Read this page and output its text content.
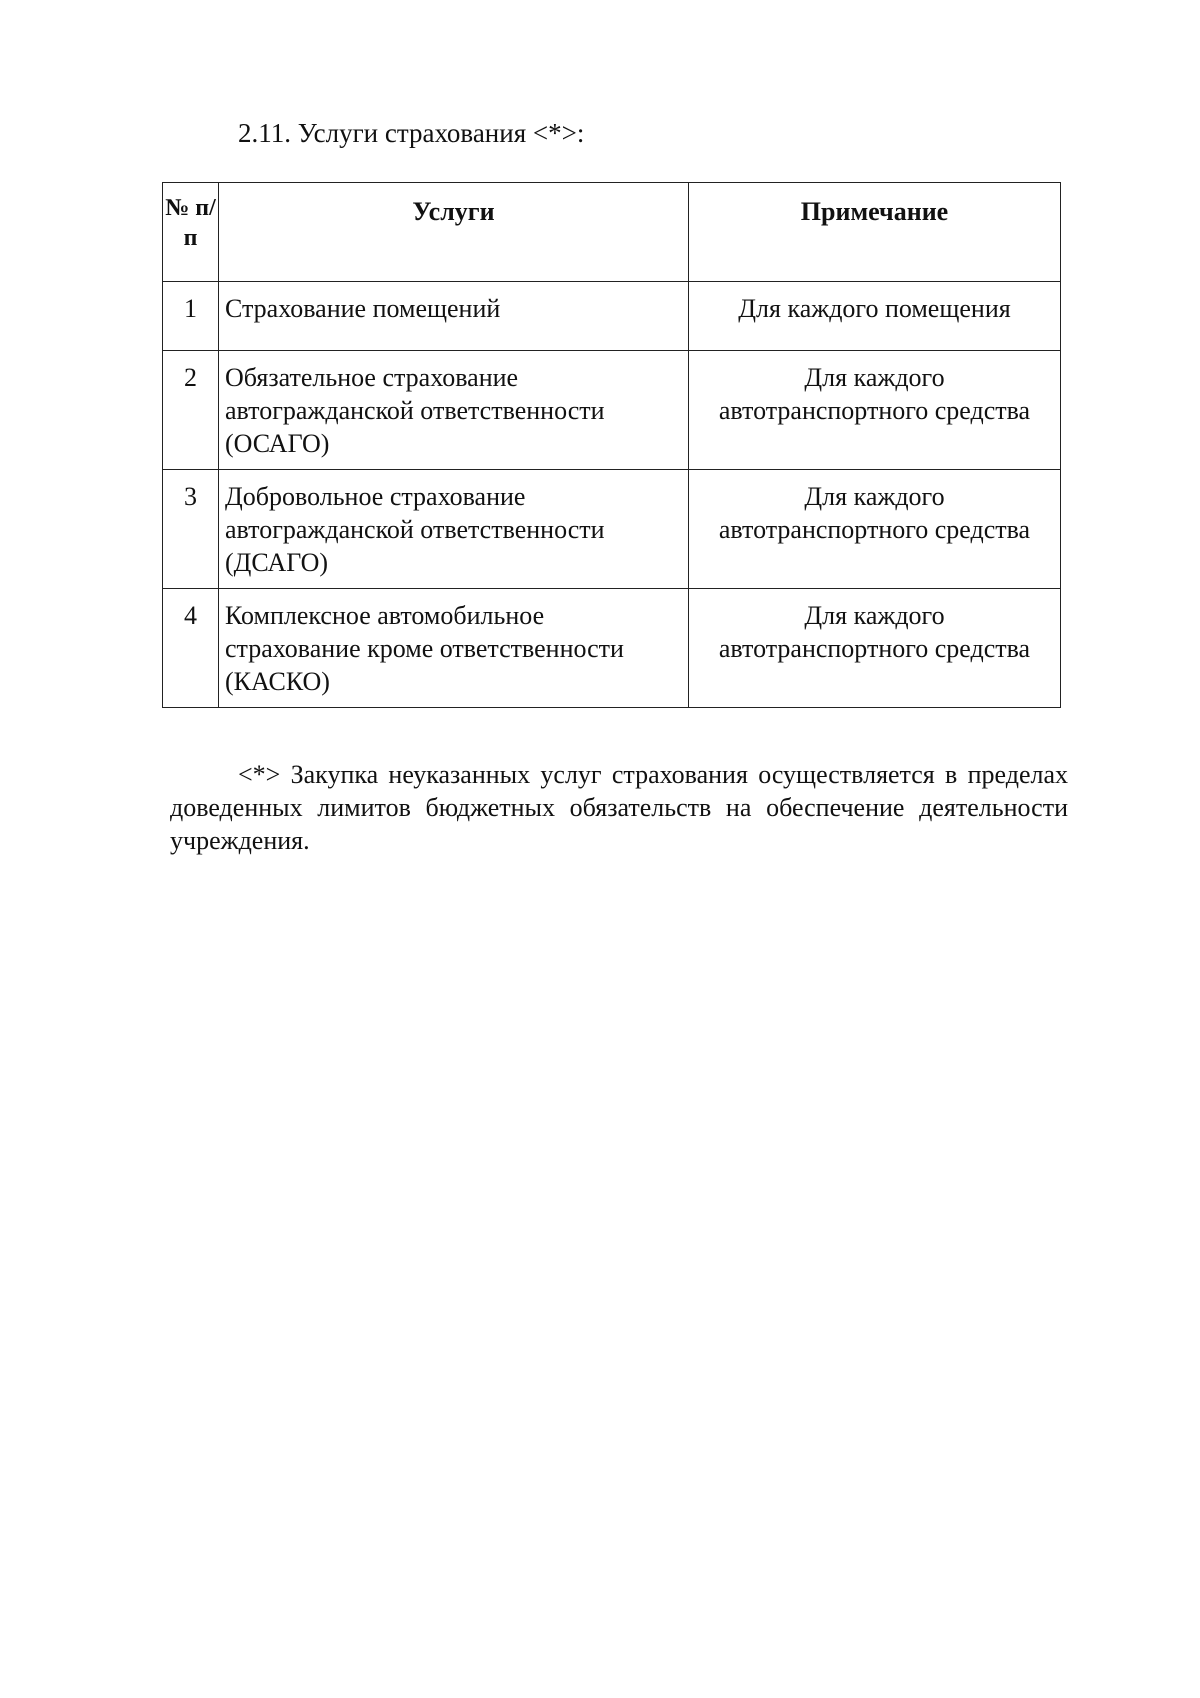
2.11. Услуги страхования <*>:
№ п/п	Услуги	Примечание
1	Страхование помещений	Для каждого помещения
2	Обязательное страхование автогражданской ответственности (ОСАГО)	Для каждого автотранспортного средства
3	Добровольное страхование автогражданской ответственности (ДСАГО)	Для каждого автотранспортного средства
4	Комплексное автомобильное страхование кроме ответственности (КАСКО)	Для каждого автотранспортного средства

<*> Закупка неуказанных услуг страхования осуществляется в пределах доведенных лимитов бюджетных обязательств на обеспечение деятельности учреждения.
